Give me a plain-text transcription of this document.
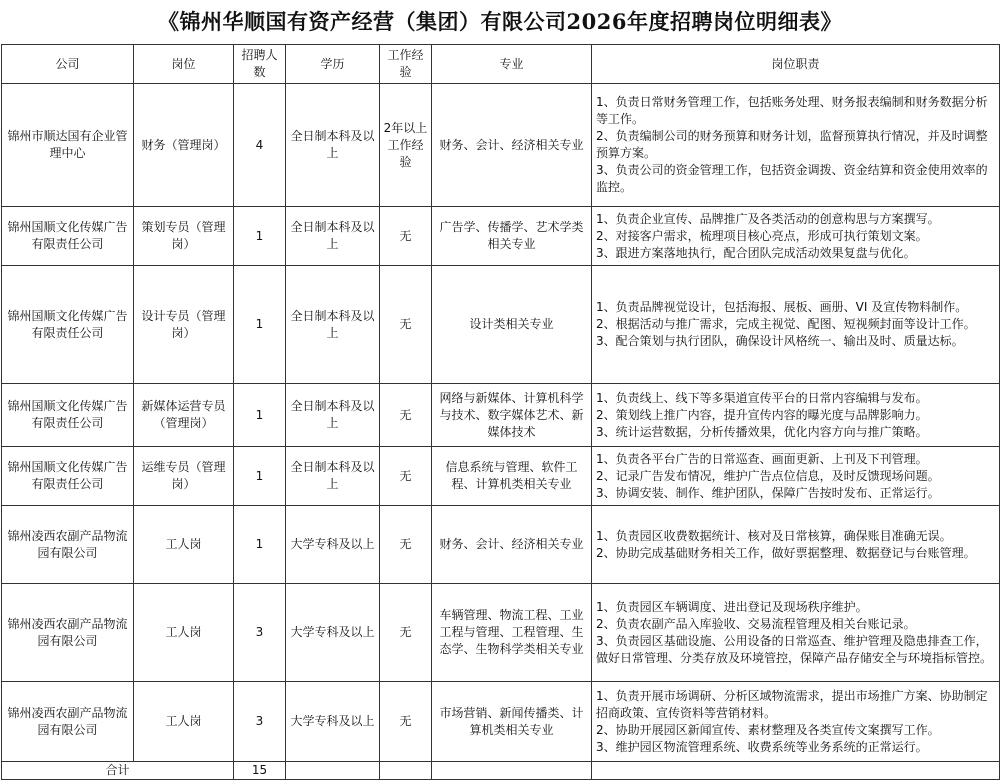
《锦州华顺国有资产经营（集团）有限公司2026年度招聘岗位明细表》
公司	岗位	招聘人数	学历	工作经验	专业	岗位职责
锦州市顺达国有企业管理中心	财务（管理岗）	4	全日制本科及以上	2年以上工作经验	财务、会计、经济相关专业	1、负责日常财务管理工作，包括账务处理、财务报表编制和财务数据分析等工作。
2、负责编制公司的财务预算和财务计划，监督预算执行情况，并及时调整预算方案。
3、负责公司的资金管理工作，包括资金调拨、资金结算和资金使用效率的监控。

锦州国顺文化传媒广告有限责任公司	策划专员（管理岗）	1	全日制本科及以上	无	广告学、传播学、艺术学类相关专业	1、负责企业宣传、品牌推广及各类活动的创意构思与方案撰写。
2、对接客户需求，梳理项目核心亮点，形成可执行策划文案。
3、跟进方案落地执行，配合团队完成活动效果复盘与优化。

锦州国顺文化传媒广告有限责任公司	设计专员（管理岗）	1	全日制本科及以上	无	设计类相关专业	1、负责品牌视觉设计，包括海报、展板、画册、VI 及宣传物料制作。
2、根据活动与推广需求，完成主视觉、配图、短视频封面等设计工作。
3、配合策划与执行团队，确保设计风格统一、输出及时、质量达标。

锦州国顺文化传媒广告有限责任公司	新媒体运营专员（管理岗）	1	全日制本科及以上	无	网络与新媒体、计算机科学与技术、数字媒体艺术、新媒体技术	1、负责线上、线下等多渠道宣传平台的日常内容编辑与发布。
2、策划线上推广内容，提升宣传内容的曝光度与品牌影响力。
3、统计运营数据，分析传播效果，优化内容方向与推广策略。

锦州国顺文化传媒广告有限责任公司	运维专员（管理岗）	1	全日制本科及以上	无	信息系统与管理、软件工程、计算机类相关专业	1、负责各平台广告的日常巡查、画面更新、上刊及下刊管理。
2、记录广告发布情况，维护广告点位信息，及时反馈现场问题。
3、协调安装、制作、维护团队，保障广告按时发布、正常运行。

锦州凌西农副产品物流园有限公司	工人岗	1	大学专科及以上	无	财务、会计、经济相关专业	1、负责园区收费数据统计、核对及日常核算，确保账目准确无误。
2、协助完成基础财务相关工作，做好票据整理、数据登记与台账管理。

锦州凌西农副产品物流园有限公司	工人岗	3	大学专科及以上	无	车辆管理、物流工程、工业工程与管理、工程管理、生态学、生物科学类相关专业	1、负责园区车辆调度、进出登记及现场秩序维护。
2、负责农副产品入库验收、交易流程管理及相关台账记录。
3、负责园区基础设施、公用设备的日常巡查、维护管理及隐患排查工作，做好日常管理、分类存放及环境管控，保障产品存储安全与环境指标管控。

锦州凌西农副产品物流园有限公司	工人岗	3	大学专科及以上	无	市场营销、新闻传播类、计算机类相关专业	1、负责开展市场调研、分析区域物流需求，提出市场推广方案、协助制定招商政策、宣传资料等营销材料。
2、协助开展园区新闻宣传、素材整理及各类宣传文案撰写工作。
3、维护园区物流管理系统、收费系统等业务系统的正常运行。

合计		15				
